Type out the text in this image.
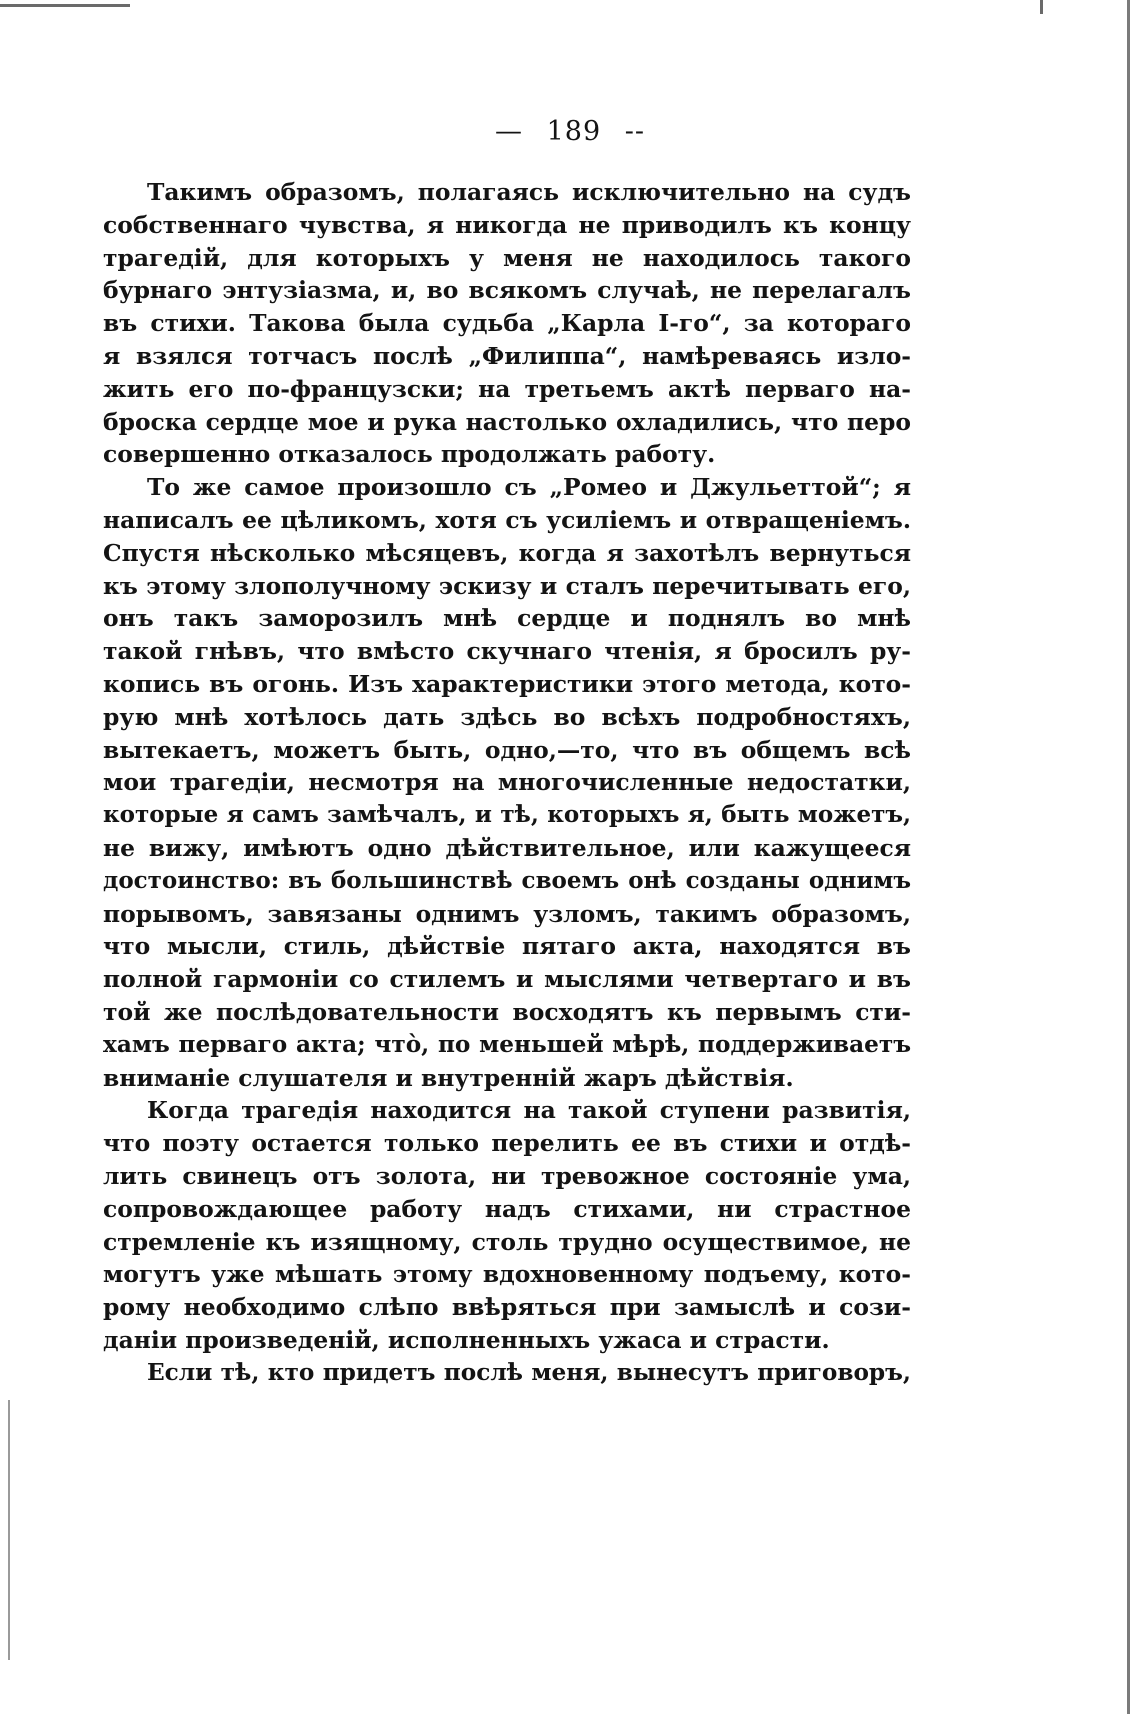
— 189 --
Такимъ образомъ, полагаясь исключительно на судъ
собственнаго чувства, я никогда не приводилъ къ концу
трагедій, для которыхъ у меня не находилось такого
бурнаго энтузіазма, и, во всякомъ случаѣ, не перелагалъ
въ стихи. Такова была судьба „Карла I-го“, за котораго
я взялся тотчасъ послѣ „Филиппа“, намѣреваясь изло-
жить его по-французски; на третьемъ актѣ перваго на-
броска сердце мое и рука настолько охладились, что перо
совершенно отказалось продолжать работу.
То же самое произошло съ „Ромео и Джульеттой“; я
написалъ ее цѣликомъ, хотя съ усиліемъ и отвращеніемъ.
Спустя нѣсколько мѣсяцевъ, когда я захотѣлъ вернуться
къ этому злополучному эскизу и сталъ перечитывать его,
онъ такъ заморозилъ мнѣ сердце и поднялъ во мнѣ
такой гнѣвъ, что вмѣсто скучнаго чтенія, я бросилъ ру-
копись въ огонь. Изъ характеристики этого метода, кото-
рую мнѣ хотѣлось дать здѣсь во всѣхъ подробностяхъ,
вытекаетъ, можетъ быть, одно,—то, что въ общемъ всѣ
мои трагедіи, несмотря на многочисленные недостатки,
которые я самъ замѣчалъ, и тѣ, которыхъ я, быть можетъ,
не вижу, имѣютъ одно дѣйствительное, или кажущееся
достоинство: въ большинствѣ своемъ онѣ созданы однимъ
порывомъ, завязаны однимъ узломъ, такимъ образомъ,
что мысли, стиль, дѣйствіе пятаго акта, находятся въ
полной гармоніи со стилемъ и мыслями четвертаго и въ
той же послѣдовательности восходятъ къ первымъ сти-
хамъ перваго акта; что̀, по меньшей мѣрѣ, поддерживаетъ
вниманіе слушателя и внутренній жаръ дѣйствія.
Когда трагедія находится на такой ступени развитія,
что поэту остается только перелить ее въ стихи и отдѣ-
лить свинецъ отъ золота, ни тревожное состояніе ума,
сопровождающее работу надъ стихами, ни страстное
стремленіе къ изящному, столь трудно осуществимое, не
могутъ уже мѣшать этому вдохновенному подъему, кото-
рому необходимо слѣпо ввѣряться при замыслѣ и сози-
даніи произведеній, исполненныхъ ужаса и страсти.
Если тѣ, кто придетъ послѣ меня, вынесутъ приговоръ,
